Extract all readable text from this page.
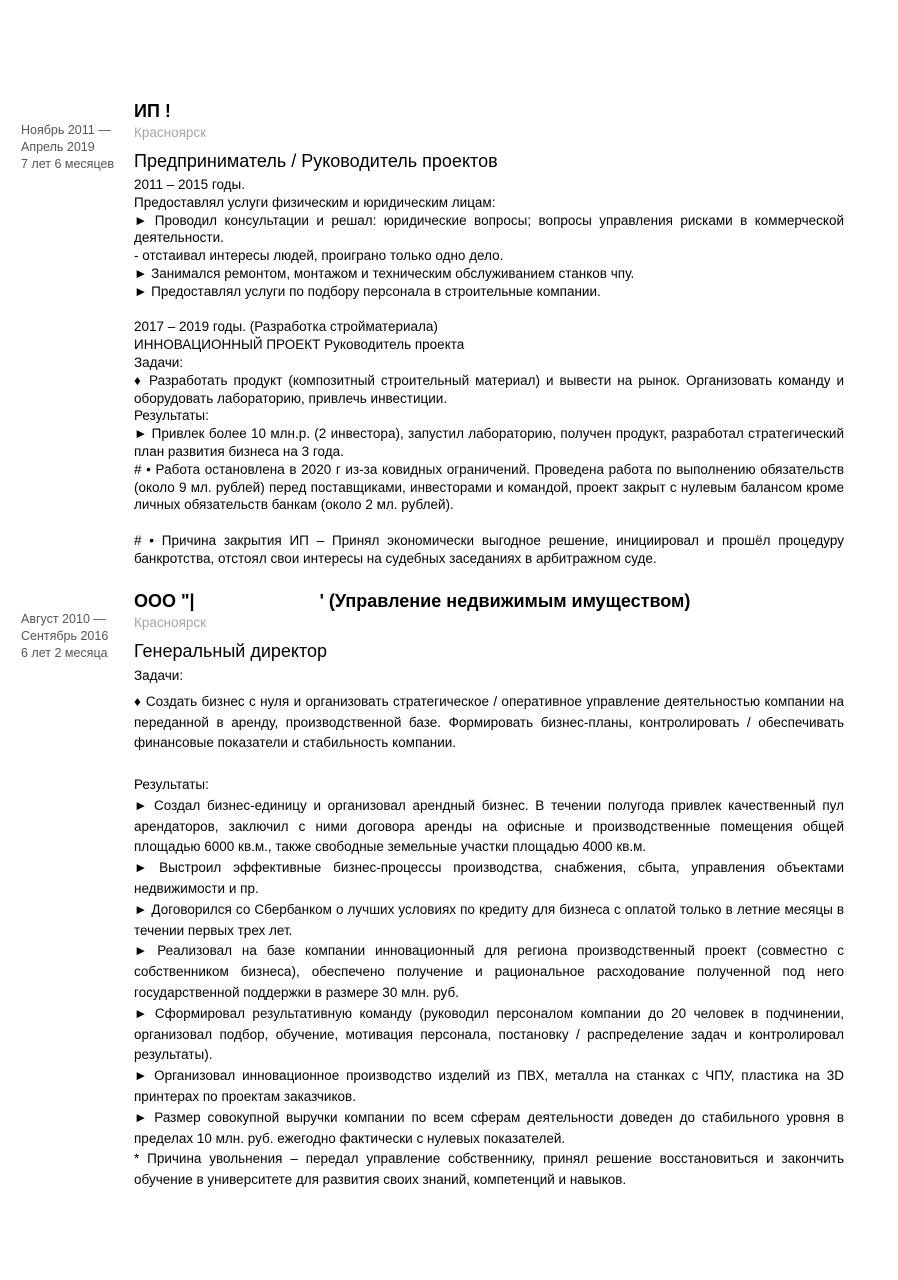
Ноябрь 2011 —
Апрель 2019
7 лет 6 месяцев
ИП !
Красноярск
Предприниматель / Руководитель проектов

2011 – 2015 годы.

Предоставлял услуги физическим и юридическим лицам:

► Проводил консультации и решал: юридические вопросы; вопросы управления рисками в коммерческой деятельности.

- отстаивал интересы людей, проиграно только одно дело.

► Занимался ремонтом, монтажом и техническим обслуживанием станков чпу.

► Предоставлял услуги по подбору персонала в строительные компании.

2017 – 2019 годы. (Разработка стройматериала)

ИННОВАЦИОННЫЙ ПРОЕКТ Руководитель проекта

Задачи:

♦ Разработать продукт (композитный строительный материал) и вывести на рынок. Организовать команду и оборудовать лабораторию, привлечь инвестиции.

Результаты:

► Привлек более 10 млн.р. (2 инвестора), запустил лабораторию, получен продукт, разработал стратегический план развития бизнеса на 3 года.

# • Работа остановлена в 2020 г из-за ковидных ограничений. Проведена работа по выполнению обязательств (около 9 мл. рублей) перед поставщиками, инвесторами и командой, проект закрыт с нулевым балансом кроме личных обязательств банкам (около 2 мл. рублей).

# • Причина закрытия ИП – Принял экономически выгодное решение, инициировал и прошёл процедуру банкротства, отстоял свои интересы на судебных заседаниях в арбитражном суде.

Август 2010 —
Сентябрь 2016
6 лет 2 месяца
ООО "|                         ' (Управление недвижимым имуществом)
Красноярск
Генеральный директор

Задачи:

♦ Создать бизнес с нуля и организовать стратегическое / оперативное управление деятельностью компании на переданной в аренду, производственной базе. Формировать бизнес-планы, контролировать / обеспечивать финансовые показатели и стабильность компании.

Результаты:

► Создал бизнес-единицу и организовал арендный бизнес. В течении полугода привлек качественный пул арендаторов, заключил с ними договора аренды на офисные и производственные помещения общей площадью 6000 кв.м., также свободные земельные участки площадью 4000 кв.м.

► Выстроил эффективные бизнес-процессы производства, снабжения, сбыта, управления объектами недвижимости и пр.

► Договорился со Сбербанком о лучших условиях по кредиту для бизнеса с оплатой только в летние месяцы в течении первых трех лет.

► Реализовал на базе компании инновационный для региона производственный проект (совместно с собственником бизнеса), обеспечено получение и рациональное расходование полученной под него государственной поддержки в размере 30 млн. руб.

► Сформировал результативную команду (руководил персоналом компании до 20 человек в подчинении, организовал подбор, обучение, мотивация персонала, постановку / распределение задач и контролировал результаты).

► Организовал инновационное производство изделий из ПВХ, металла на станках с ЧПУ, пластика на 3D принтерах по проектам заказчиков.

► Размер совокупной выручки компании по всем сферам деятельности доведен до стабильного уровня в пределах 10 млн. руб. ежегодно фактически с нулевых показателей.

* Причина увольнения – передал управление собственнику, принял решение восстановиться и закончить обучение в университете для развития своих знаний, компетенций и навыков.
